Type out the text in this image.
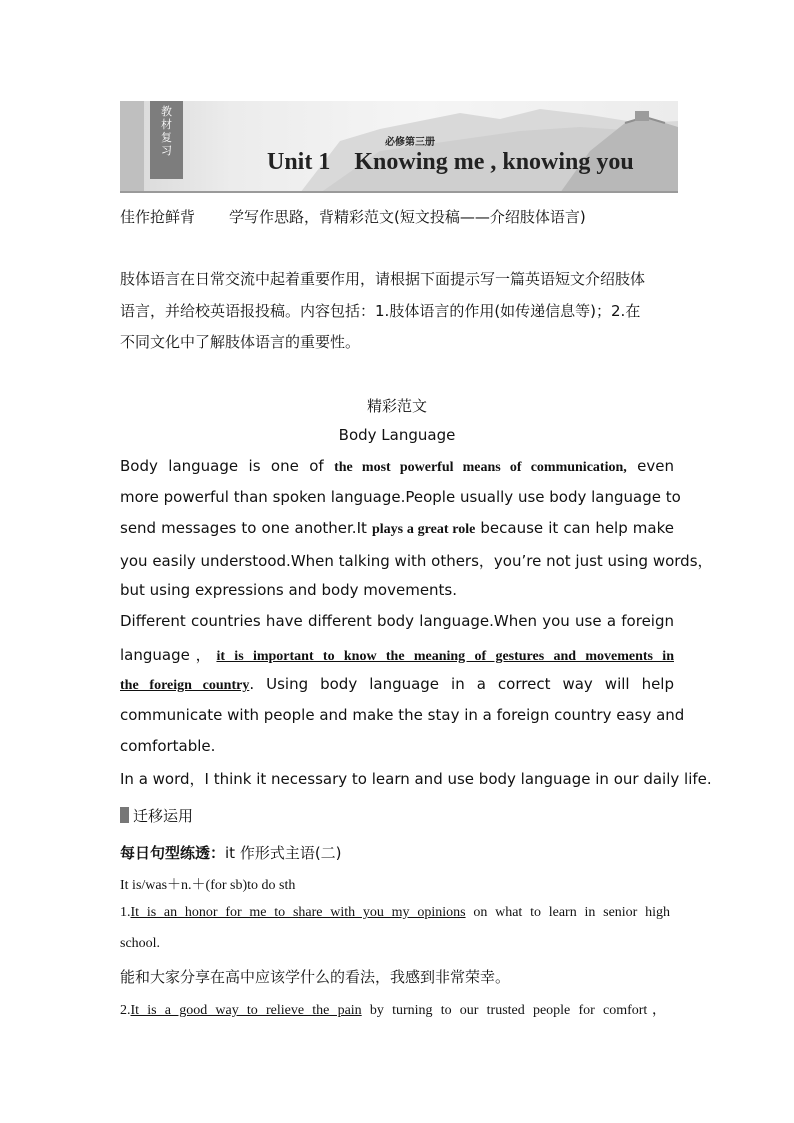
教
材
复
习
必修第三册
Unit 1 Knowing me , knowing you
佳作抢鲜背 学写作思路，背精彩范文(短文投稿——介绍肢体语言)
肢体语言在日常交流中起着重要作用，请根据下面提示写一篇英语短文介绍肢体
语言，并给校英语报投稿。内容包括：1.肢体语言的作用(如传递信息等)；2.在
不同文化中了解肢体语言的重要性。
精彩范文
Body Language
Body language is one of the most powerful means of communication, even
more powerful than spoken language.People usually use body language to
send messages to one another.It plays a great role because it can help make
you easily understood.When talking with others，you’re not just using words，
but using expressions and body movements.
Different countries have different body language.When you use a foreign
language，it is important to know the meaning of gestures and movements in
the foreign country. Using body language in a correct way will help
communicate with people and make the stay in a foreign country easy and
comfortable.
In a word，I think it necessary to learn and use body language in our daily life.
迁移运用
每日句型练透：it 作形式主语(二)
It is/was＋n.＋(for sb)to do sth
1.It is an honor for me to share with you my opinions on what to learn in senior high
school.
能和大家分享在高中应该学什么的看法，我感到非常荣幸。
2.It is a good way to relieve the pain by turning to our trusted people for comfort，
